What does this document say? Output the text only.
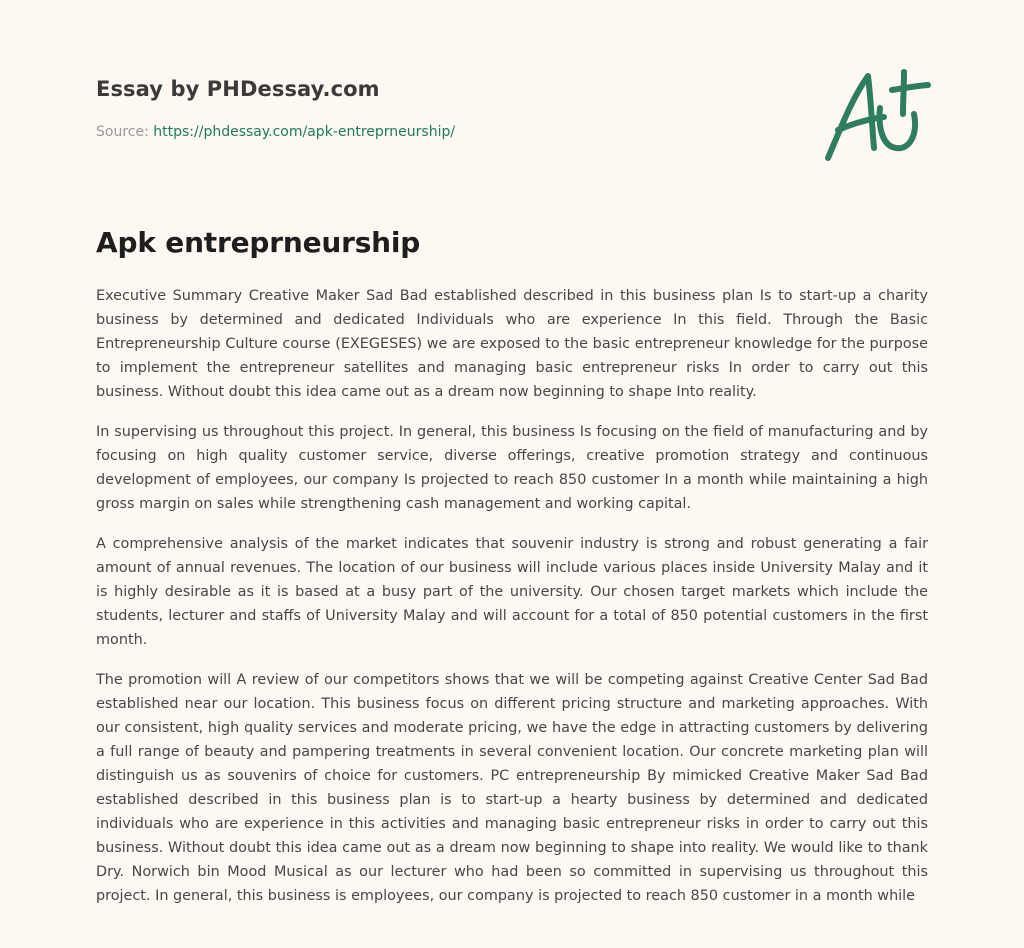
Essay by PHDessay.com
Source: https://phdessay.com/apk-entreprneurship/
Apk entreprneurship

Executive Summary Creative Maker Sad Bad established described in this business plan Is to start-up a charity business by determined and dedicated Individuals who are experience In this field. Through the Basic Entrepreneurship Culture course (EXEGESES) we are exposed to the basic entrepreneur knowledge for the purpose to implement the entrepreneur satellites and managing basic entrepreneur risks In order to carry out this business. Without doubt this idea came out as a dream now beginning to shape Into reality.

In supervising us throughout this project. In general, this business Is focusing on the field of manufacturing and by focusing on high quality customer service, diverse offerings, creative promotion strategy and continuous development of employees, our company Is projected to reach 850 customer In a month while maintaining a high gross margin on sales while strengthening cash management and working capital.

A comprehensive analysis of the market indicates that souvenir industry is strong and robust generating a fair amount of annual revenues. The location of our business will include various places inside University Malay and it is highly desirable as it is based at a busy part of the university. Our chosen target markets which include the students, lecturer and staffs of University Malay and will account for a total of 850 potential customers in the first month.

The promotion will A review of our competitors shows that we will be competing against Creative Center Sad Bad established near our location. This business focus on different pricing structure and marketing approaches. With our consistent, high quality services and moderate pricing, we have the edge in attracting customers by delivering a full range of beauty and pampering treatments in several convenient location. Our concrete marketing plan will distinguish us as souvenirs of choice for customers. PC entrepreneurship By mimicked Creative Maker Sad Bad established described in this business plan is to start-up a hearty business by determined and dedicated individuals who are experience in this activities and managing basic entrepreneur risks in order to carry out this business. Without doubt this idea came out as a dream now beginning to shape into reality. We would like to thank Dry. Norwich bin Mood Musical as our lecturer who had been so committed in supervising us throughout this project. In general, this business is employees, our company is projected to reach 850 customer in a month while
